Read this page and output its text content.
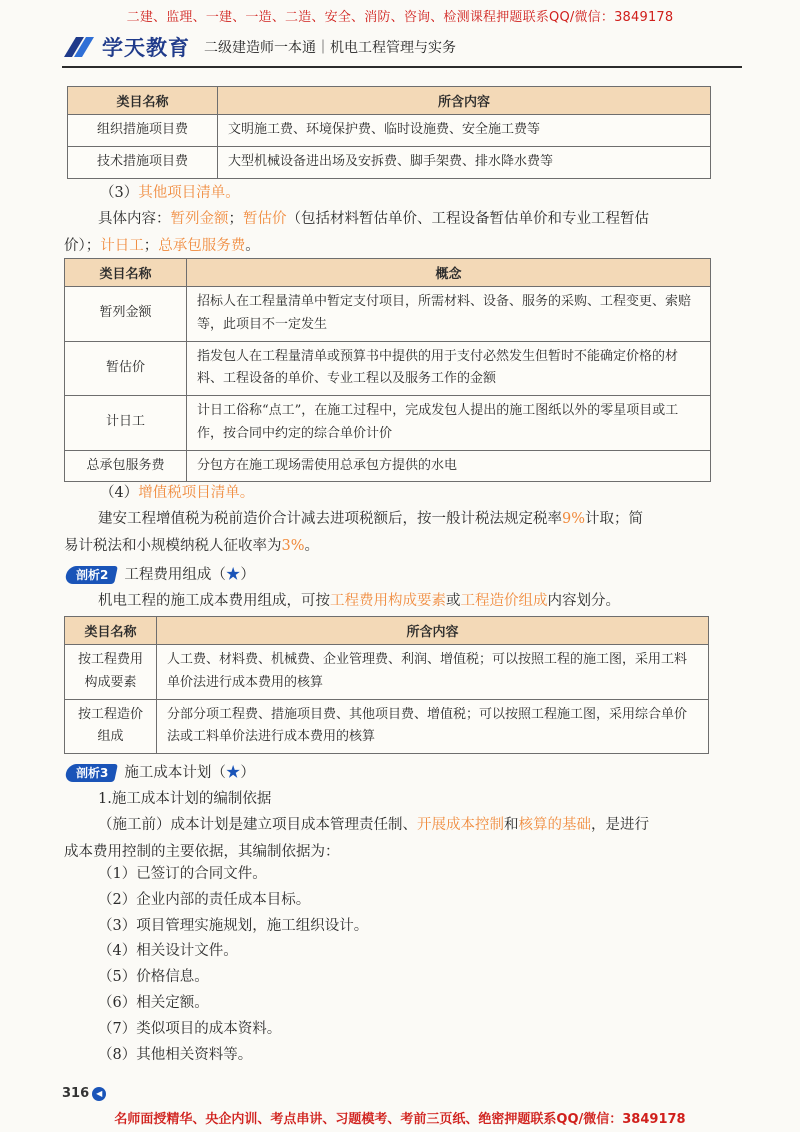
二建、监理、一建、一造、二造、安全、消防、咨询、检测课程押题联系QQ/微信：3849178
学天教育 二级建造师一本通｜机电工程管理与实务
类目名称	所含内容
组织措施项目费	文明施工费、环境保护费、临时设施费、安全施工费等
技术措施项目费	大型机械设备进出场及安拆费、脚手架费、排水降水费等
（3）其他项目清单。
具体内容：暂列金额；暂估价（包括材料暂估单价、工程设备暂估单价和专业工程暂估
价）；计日工；总承包服务费。
类目名称	概念
暂列金额	招标人在工程量清单中暂定支付项目，所需材料、设备、服务的采购、工程变更、索赔等，此项目不一定发生
暂估价	指发包人在工程量清单或预算书中提供的用于支付必然发生但暂时不能确定价格的材料、工程设备的单价、专业工程以及服务工作的金额
计日工	计日工俗称“点工”，在施工过程中，完成发包人提出的施工图纸以外的零星项目或工作，按合同中约定的综合单价计价
总承包服务费	分包方在施工现场需使用总承包方提供的水电
（4）增值税项目清单。
建安工程增值税为税前造价合计减去进项税额后，按一般计税法规定税率9%计取；简
易计税法和小规模纳税人征收率为3%。
剖析2 工程费用组成（★）
机电工程的施工成本费用组成，可按工程费用构成要素或工程造价组成内容划分。
类目名称	所含内容
按工程费用构成要素	人工费、材料费、机械费、企业管理费、利润、增值税；可以按照工程的施工图，采用工料单价法进行成本费用的核算
按工程造价组成	分部分项工程费、措施项目费、其他项目费、增值税；可以按照工程施工图，采用综合单价法或工料单价法进行成本费用的核算
剖析3 施工成本计划（★）
1.施工成本计划的编制依据
（施工前）成本计划是建立项目成本管理责任制、开展成本控制和核算的基础，是进行
成本费用控制的主要依据，其编制依据为：
（1）已签订的合同文件。
（2）企业内部的责任成本目标。
（3）项目管理实施规划，施工组织设计。
（4）相关设计文件。
（5）价格信息。
（6）相关定额。
（7）类似项目的成本资料。
（8）其他相关资料等。
316 ◀
名师面授精华、央企内训、考点串讲、习题模考、考前三页纸、绝密押题联系QQ/微信：3849178
